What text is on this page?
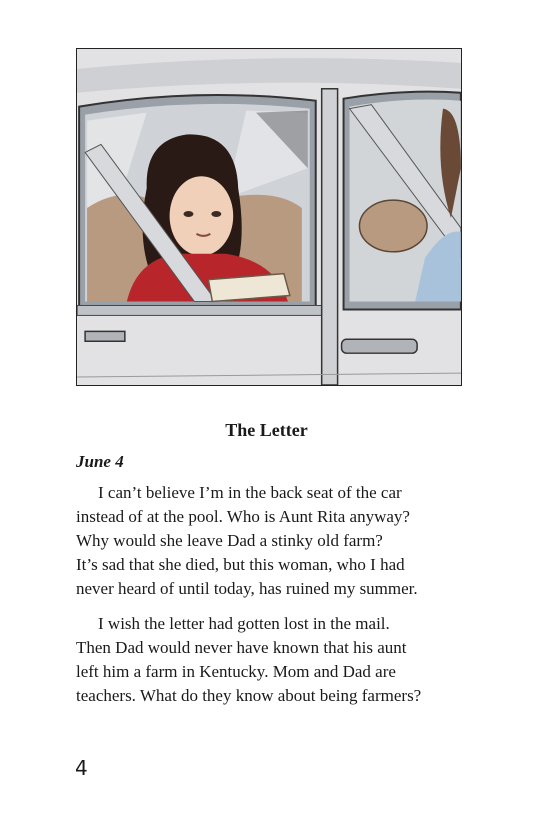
The Letter
June 4

I can’t believe I’m in the back seat of the car
instead of at the pool. Who is Aunt Rita anyway?
Why would she leave Dad a stinky old farm?
It’s sad that she died, but this woman, who I had
never heard of until today, has ruined my summer.

I wish the letter had gotten lost in the mail.
Then Dad would never have known that his aunt
left him a farm in Kentucky. Mom and Dad are
teachers. What do they know about being farmers?

4
